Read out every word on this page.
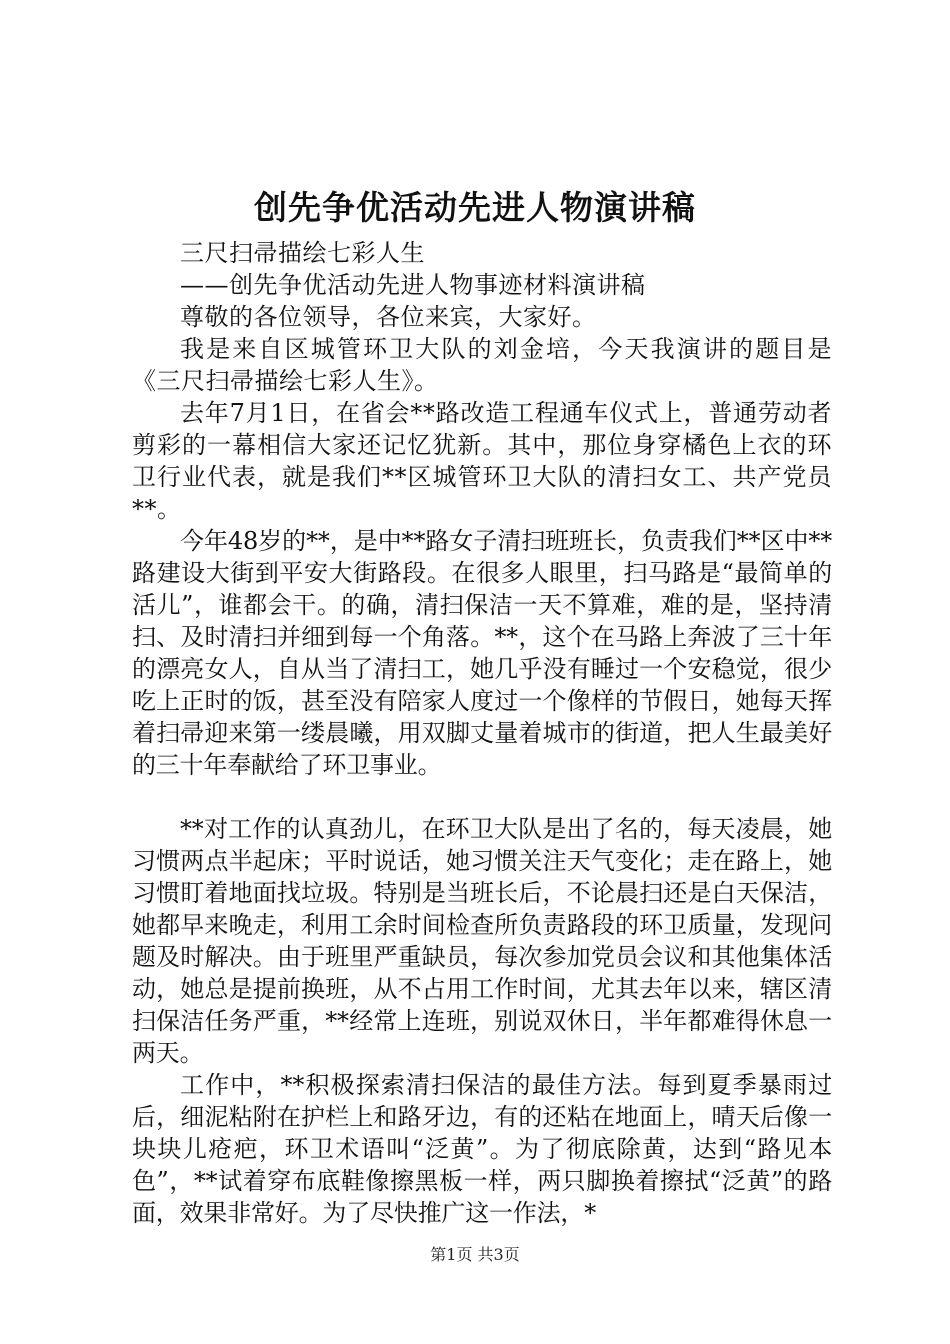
创先争优活动先进人物演讲稿

三尺扫帚描绘七彩人生

——创先争优活动先进人物事迹材料演讲稿

尊敬的各位领导，各位来宾，大家好。

我是来自区城管环卫大队的刘金培，今天我演讲的题目是《三尺扫帚描绘七彩人生》。

去年7月1日，在省会**路改造工程通车仪式上，普通劳动者剪彩的一幕相信大家还记忆犹新。其中，那位身穿橘色上衣的环卫行业代表，就是我们**区城管环卫大队的清扫女工、共产党员**。

今年48岁的**，是中**路女子清扫班班长，负责我们**区中**路建设大街到平安大街路段。在很多人眼里，扫马路是“最简单的活儿”，谁都会干。的确，清扫保洁一天不算难，难的是，坚持清扫、及时清扫并细到每一个角落。**，这个在马路上奔波了三十年的漂亮女人，自从当了清扫工，她几乎没有睡过一个安稳觉，很少吃上正时的饭，甚至没有陪家人度过一个像样的节假日，她每天挥着扫帚迎来第一缕晨曦，用双脚丈量着城市的街道，把人生最美好的三十年奉献给了环卫事业。

**对工作的认真劲儿，在环卫大队是出了名的，每天凌晨，她习惯两点半起床；平时说话，她习惯关注天气变化；走在路上，她习惯盯着地面找垃圾。特别是当班长后，不论晨扫还是白天保洁，她都早来晚走，利用工余时间检查所负责路段的环卫质量，发现问题及时解决。由于班里严重缺员，每次参加党员会议和其他集体活动，她总是提前换班，从不占用工作时间，尤其去年以来，辖区清扫保洁任务严重，**经常上连班，别说双休日，半年都难得休息一两天。

工作中，**积极探索清扫保洁的最佳方法。每到夏季暴雨过后，细泥粘附在护栏上和路牙边，有的还粘在地面上，晴天后像一块块儿疮疤，环卫术语叫“泛黄”。为了彻底除黄，达到“路见本色”，**试着穿布底鞋像擦黑板一样，两只脚换着擦拭“泛黄”的路面，效果非常好。为了尽快推广这一作法，*

第1页 共3页
